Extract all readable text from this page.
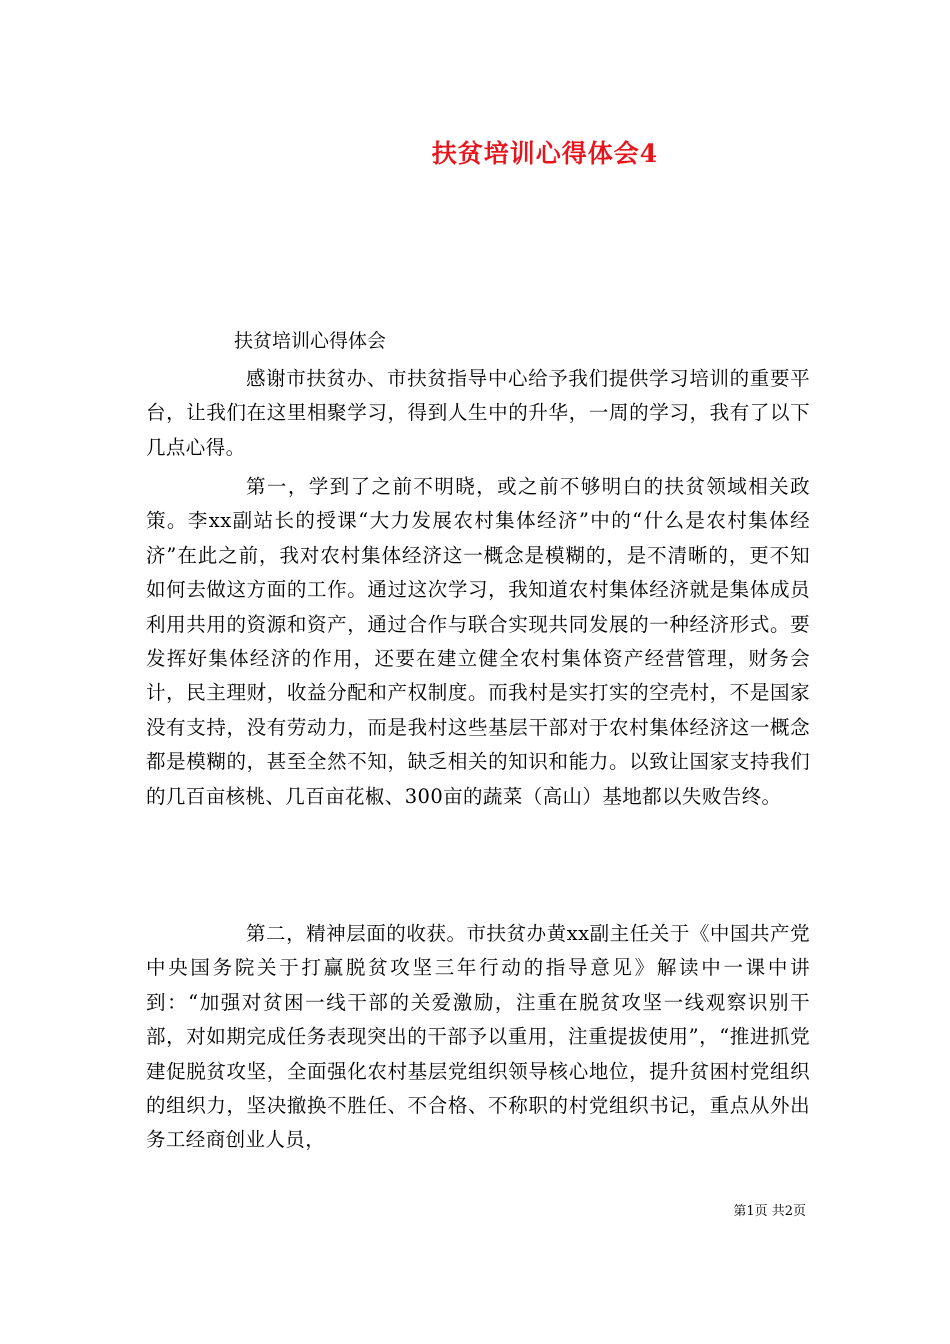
扶贫培训心得体会4
扶贫培训心得体会
感谢市扶贫办、市扶贫指导中心给予我们提供学习培训的重要平台，让我们在这里相聚学习，得到人生中的升华，一周的学习，我有了以下几点心得。
第一，学到了之前不明晓，或之前不够明白的扶贫领域相关政策。李xx副站长的授课“大力发展农村集体经济”中的“什么是农村集体经济”在此之前，我对农村集体经济这一概念是模糊的，是不清晰的，更不知如何去做这方面的工作。通过这次学习，我知道农村集体经济就是集体成员利用共用的资源和资产，通过合作与联合实现共同发展的一种经济形式。要发挥好集体经济的作用，还要在建立健全农村集体资产经营管理，财务会计，民主理财，收益分配和产权制度。而我村是实打实的空壳村，不是国家没有支持，没有劳动力，而是我村这些基层干部对于农村集体经济这一概念都是模糊的，甚至全然不知，缺乏相关的知识和能力。以致让国家支持我们的几百亩核桃、几百亩花椒、300亩的蔬菜（高山）基地都以失败告终。
第二，精神层面的收获。市扶贫办黄xx副主任关于《中国共产党中央国务院关于打赢脱贫攻坚三年行动的指导意见》解读中一课中讲到：“加强对贫困一线干部的关爱激励，注重在脱贫攻坚一线观察识别干部，对如期完成任务表现突出的干部予以重用，注重提拔使用”，“推进抓党建促脱贫攻坚，全面强化农村基层党组织领导核心地位，提升贫困村党组织的组织力，坚决撤换不胜任、不合格、不称职的村党组织书记，重点从外出务工经商创业人员，
第1页 共2页
